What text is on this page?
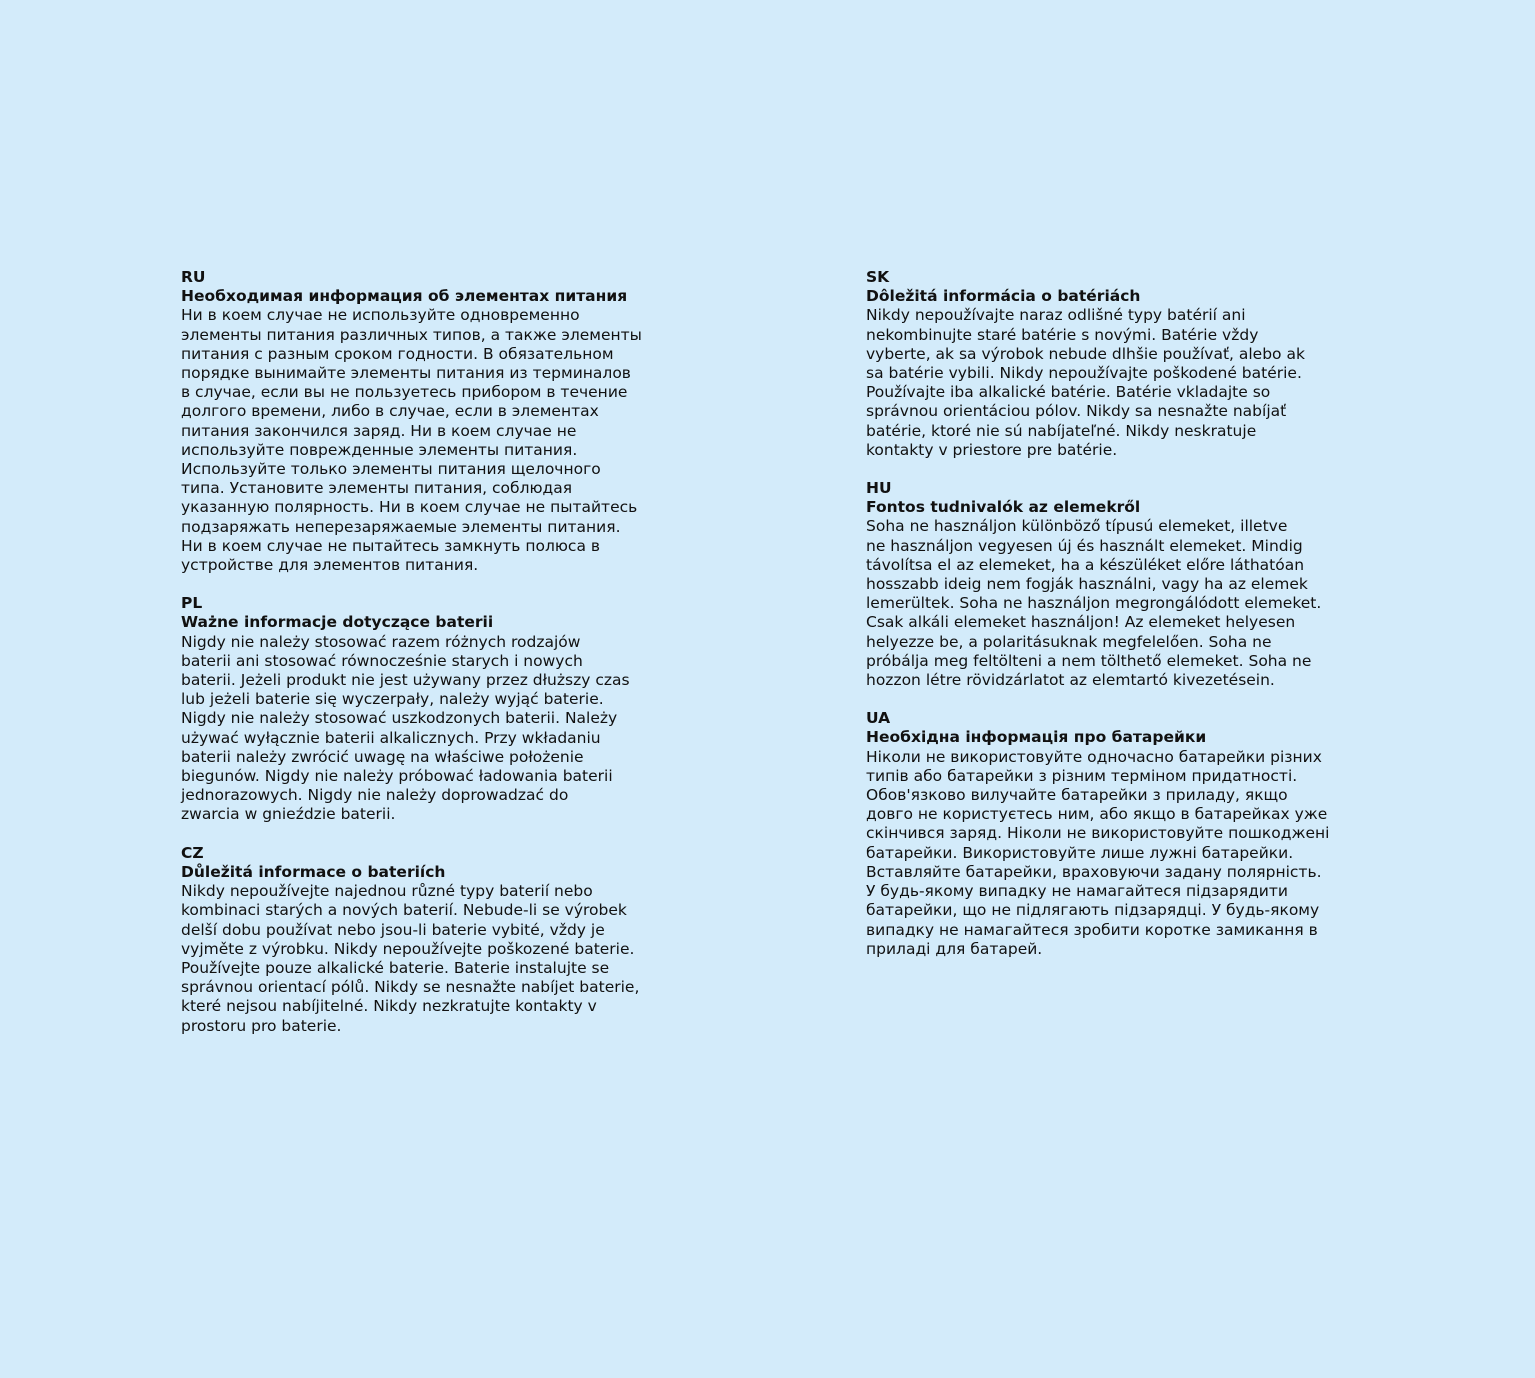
RU
Необходимая информация об элементах питания
Ни в коем случае не используйте одновременно
элементы питания различных типов, а также элементы
питания с разным сроком годности. В обязательном
порядке вынимайте элементы питания из терминалов
в случае, если вы не пользуетесь прибором в течение
долгого времени, либо в случае, если в элементах
питания закончился заряд. Ни в коем случае не
используйте поврежденные элементы питания.
Используйте только элементы питания щелочного
типа. Установите элементы питания, соблюдая
указанную полярность. Ни в коем случае не пытайтесь
подзаряжать неперезаряжаемые элементы питания.
Ни в коем случае не пытайтесь замкнуть полюса в
устройстве для элементов питания.
PL
Ważne informacje dotyczące baterii
Nigdy nie należy stosować razem różnych rodzajów
baterii ani stosować równocześnie starych i nowych
baterii. Jeżeli produkt nie jest używany przez dłuższy czas
lub jeżeli baterie się wyczerpały, należy wyjąć baterie.
Nigdy nie należy stosować uszkodzonych baterii. Należy
używać wyłącznie baterii alkalicznych. Przy wkładaniu
baterii należy zwrócić uwagę na właściwe położenie
biegunów. Nigdy nie należy próbować ładowania baterii
jednorazowych. Nigdy nie należy doprowadzać do
zwarcia w gnieździe baterii.
CZ
Důležitá informace o bateriích
Nikdy nepoužívejte najednou různé typy baterií nebo
kombinaci starých a nových baterií. Nebude-li se výrobek
delší dobu používat nebo jsou-li baterie vybité, vždy je
vyjměte z výrobku. Nikdy nepoužívejte poškozené baterie.
Používejte pouze alkalické baterie. Baterie instalujte se
správnou orientací pólů. Nikdy se nesnažte nabíjet baterie,
které nejsou nabíjitelné. Nikdy nezkratujte kontakty v
prostoru pro baterie.
SK
Dôležitá informácia o batériách
Nikdy nepoužívajte naraz odlišné typy batérií ani
nekombinujte staré batérie s novými. Batérie vždy
vyberte, ak sa výrobok nebude dlhšie používať, alebo ak
sa batérie vybili. Nikdy nepoužívajte poškodené batérie.
Používajte iba alkalické batérie. Batérie vkladajte so
správnou orientáciou pólov. Nikdy sa nesnažte nabíjať
batérie, ktoré nie sú nabíjateľné. Nikdy neskratuje
kontakty v priestore pre batérie.
HU
Fontos tudnivalók az elemekről
Soha ne használjon különböző típusú elemeket, illetve
ne használjon vegyesen új és használt elemeket. Mindig
távolítsa el az elemeket, ha a készüléket előre láthatóan
hosszabb ideig nem fogják használni, vagy ha az elemek
lemerültek. Soha ne használjon megrongálódott elemeket.
Csak alkáli elemeket használjon! Az elemeket helyesen
helyezze be, a polaritásuknak megfelelően. Soha ne
próbálja meg feltölteni a nem tölthető elemeket. Soha ne
hozzon létre rövidzárlatot az elemtartó kivezetésein.
UA
Необхідна інформація про батарейки
Ніколи не використовуйте одночасно батарейки різних
типів або батарейки з різним терміном придатності.
Обов'язково вилучайте батарейки з приладу, якщо
довго не користуєтесь ним, або якщо в батарейках уже
скінчився заряд. Ніколи не використовуйте пошкоджені
батарейки. Використовуйте лише лужні батарейки.
Вставляйте батарейки, враховуючи задану полярність.
У будь-якому випадку не намагайтеся підзарядити
батарейки, що не підлягають підзарядці. У будь-якому
випадку не намагайтеся зробити коротке замикання в
приладі для батарей.
